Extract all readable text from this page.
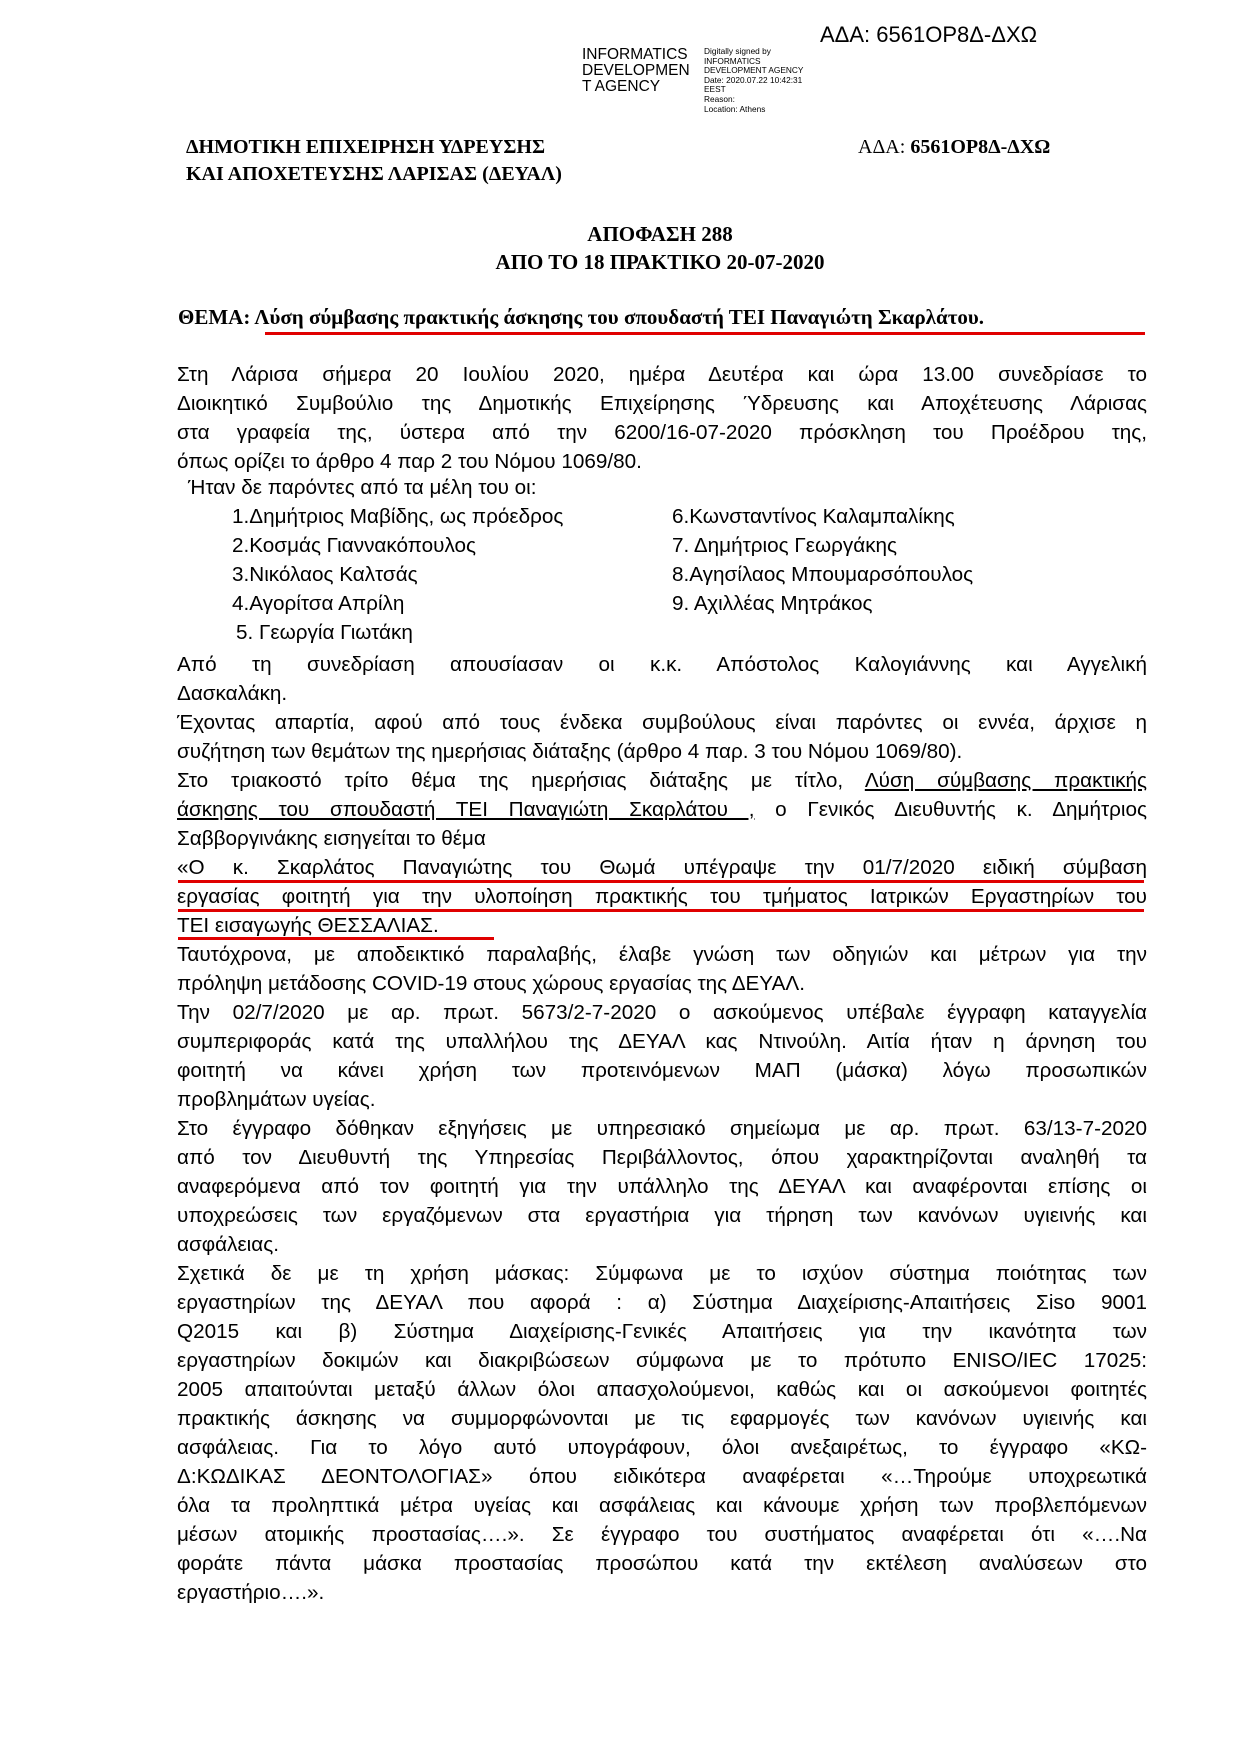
ΑΔΑ: 6561ΟΡ8Δ-ΔΧΩ
INFORMATICS
DEVELOPMEN
T AGENCY
Digitally signed by
INFORMATICS
DEVELOPMENT AGENCY
Date: 2020.07.22 10:42:31
EEST
Reason:
Location: Athens
ΔΗΜΟΤΙΚΗ ΕΠΙΧΕΙΡΗΣΗ ΥΔΡΕΥΣΗΣ
ΚΑΙ ΑΠΟΧΕΤΕΥΣΗΣ ΛΑΡΙΣΑΣ (ΔΕΥΑΛ)
ΑΔΑ: 6561ΟΡ8Δ-ΔΧΩ
ΑΠΟΦΑΣΗ 288
ΑΠΟ ΤΟ 18 ΠΡΑΚΤΙΚΟ 20-07-2020
ΘΕΜΑ: Λύση σύμβασης πρακτικής άσκησης του σπουδαστή ΤΕΙ Παναγιώτη Σκαρλάτου.
Στη Λάρισα σήμερα 20 Ιουλίου 2020, ημέρα Δευτέρα και ώρα 13.00 συνεδρίασε το
Διοικητικό Συμβούλιο της Δημοτικής Επιχείρησης Ύδρευσης και Αποχέτευσης Λάρισας
στα γραφεία της, ύστερα από την 6200/16-07-2020 πρόσκληση του Προέδρου της,
όπως ορίζει το άρθρο 4 παρ 2 του Νόμου 1069/80.
Ήταν δε παρόντες από τα μέλη του οι:
1.Δημήτριος Μαβίδης, ως πρόεδρος
2.Κοσμάς Γιαννακόπουλος
3.Νικόλαος Καλτσάς
4.Αγορίτσα Απρίλη
5. Γεωργία Γιωτάκη
6.Κωνσταντίνος Καλαμπαλίκης
7. Δημήτριος Γεωργάκης
8.Αγησίλαος Μπουμαρσόπουλος
9. Αχιλλέας Μητράκος
Από τη συνεδρίαση απουσίασαν οι κ.κ. Απόστολος Καλογιάννης και Αγγελική
Δασκαλάκη.
Έχοντας απαρτία, αφού από τους ένδεκα συμβούλους είναι παρόντες οι εννέα, άρχισε η
συζήτηση των θεμάτων της ημερήσιας διάταξης (άρθρο 4 παρ. 3 του Νόμου 1069/80).
Στο τριακοστό τρίτο θέμα της ημερήσιας διάταξης με τίτλο, Λύση σύμβασης πρακτικής
άσκησης του σπουδαστή ΤΕΙ Παναγιώτη Σκαρλάτου , ο Γενικός Διευθυντής κ. Δημήτριος
Σαββοργινάκης εισηγείται το θέμα
«Ο κ. Σκαρλάτος Παναγιώτης του Θωμά υπέγραψε την 01/7/2020 ειδική σύμβαση
εργασίας φοιτητή για την υλοποίηση πρακτικής του τμήματος Ιατρικών Εργαστηρίων του
ΤΕΙ εισαγωγής ΘΕΣΣΑΛΙΑΣ.
Ταυτόχρονα, με αποδεικτικό παραλαβής, έλαβε γνώση των οδηγιών και μέτρων για την
πρόληψη μετάδοσης COVID-19 στους χώρους εργασίας της ΔΕΥΑΛ.
Την 02/7/2020 με αρ. πρωτ. 5673/2-7-2020 ο ασκούμενος υπέβαλε έγγραφη καταγγελία
συμπεριφοράς κατά της υπαλλήλου της ΔΕΥΑΛ κας Ντινούλη. Αιτία ήταν η άρνηση του
φοιτητή να κάνει χρήση των προτεινόμενων ΜΑΠ (μάσκα) λόγω προσωπικών
προβλημάτων υγείας.
Στο έγγραφο δόθηκαν εξηγήσεις με υπηρεσιακό σημείωμα με αρ. πρωτ. 63/13-7-2020
από τον Διευθυντή της Υπηρεσίας Περιβάλλοντος, όπου χαρακτηρίζονται αναληθή τα
αναφερόμενα από τον φοιτητή για την υπάλληλο της ΔΕΥΑΛ και αναφέρονται επίσης οι
υποχρεώσεις των εργαζόμενων στα εργαστήρια για τήρηση των κανόνων υγιεινής και
ασφάλειας.
Σχετικά δε με τη χρήση μάσκας: Σύμφωνα με το ισχύον σύστημα ποιότητας των
εργαστηρίων της ΔΕΥΑΛ που αφορά : α) Σύστημα Διαχείρισης-Απαιτήσεις Σiso 9001
Q2015 και β) Σύστημα Διαχείρισης-Γενικές Απαιτήσεις για την ικανότητα των
εργαστηρίων δοκιμών και διακριβώσεων σύμφωνα με το πρότυπο ENISO/IEC 17025:
2005 απαιτούνται μεταξύ άλλων όλοι απασχολούμενοι, καθώς και οι ασκούμενοι φοιτητές
πρακτικής άσκησης να συμμορφώνονται με τις εφαρμογές των κανόνων υγιεινής και
ασφάλειας. Για το λόγο αυτό υπογράφουν, όλοι ανεξαιρέτως, το έγγραφο «ΚΩ-
Δ:ΚΩΔΙΚΑΣ ΔΕΟΝΤΟΛΟΓΙΑΣ» όπου ειδικότερα αναφέρεται «…Τηρούμε υποχρεωτικά
όλα τα προληπτικά μέτρα υγείας και ασφάλειας και κάνουμε χρήση των προβλεπόμενων
μέσων ατομικής προστασίας….». Σε έγγραφο του συστήματος αναφέρεται ότι «….Να
φοράτε πάντα μάσκα προστασίας προσώπου κατά την εκτέλεση αναλύσεων στο
εργαστήριο….».
